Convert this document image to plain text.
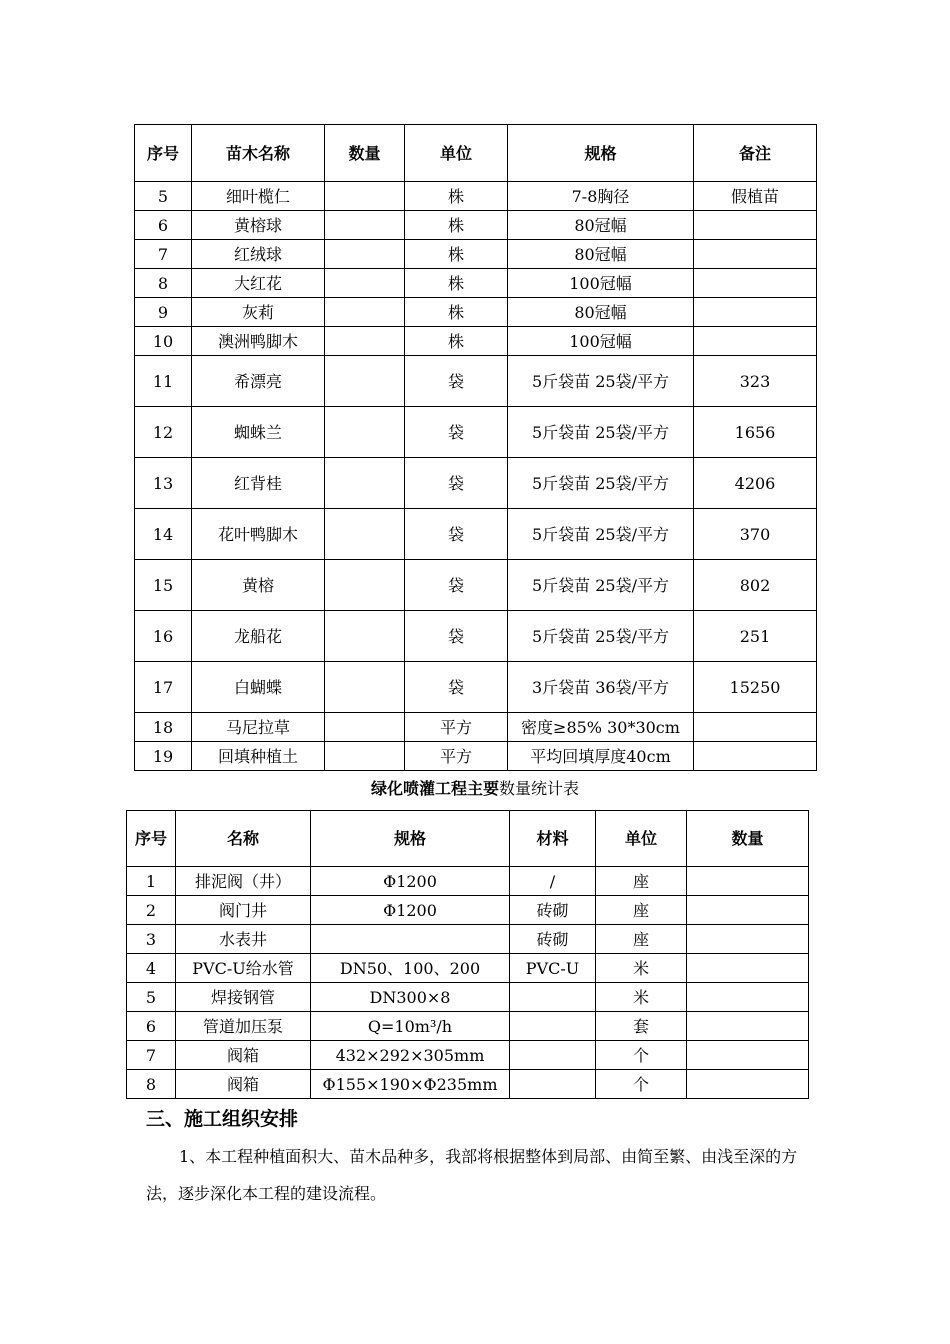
序号	苗木名称	数量	单位	规格	备注
5	细叶榄仁		株	7-8胸径	假植苗
6	黄榕球		株	80冠幅	
7	红绒球		株	80冠幅	
8	大红花		株	100冠幅	
9	灰莉		株	80冠幅	
10	澳洲鸭脚木		株	100冠幅	
11	希漂亮		袋	5斤袋苗 25袋/平方	323
12	蜘蛛兰		袋	5斤袋苗 25袋/平方	1656
13	红背桂		袋	5斤袋苗 25袋/平方	4206
14	花叶鸭脚木		袋	5斤袋苗 25袋/平方	370
15	黄榕		袋	5斤袋苗 25袋/平方	802
16	龙船花		袋	5斤袋苗 25袋/平方	251
17	白蝴蝶		袋	3斤袋苗 36袋/平方	15250
18	马尼拉草		平方	密度≥85% 30*30cm	
19	回填种植土		平方	平均回填厚度40cm	
绿化喷灌工程主要数量统计表
序号	名称	规格	材料	单位	数量
1	排泥阀（井）	Φ1200	/	座	
2	阀门井	Φ1200	砖砌	座	
3	水表井		砖砌	座	
4	PVC-U给水管	DN50、100、200	PVC-U	米	
5	焊接钢管	DN300×8		米	
6	管道加压泵	Q=10m³/h		套	
7	阀箱	432×292×305mm		个	
8	阀箱	Φ155×190×Φ235mm		个	
三、施工组织安排
1、本工程种植面积大、苗木品种多，我部将根据整体到局部、由简至繁、由浅至深的方法，逐步深化本工程的建设流程。
